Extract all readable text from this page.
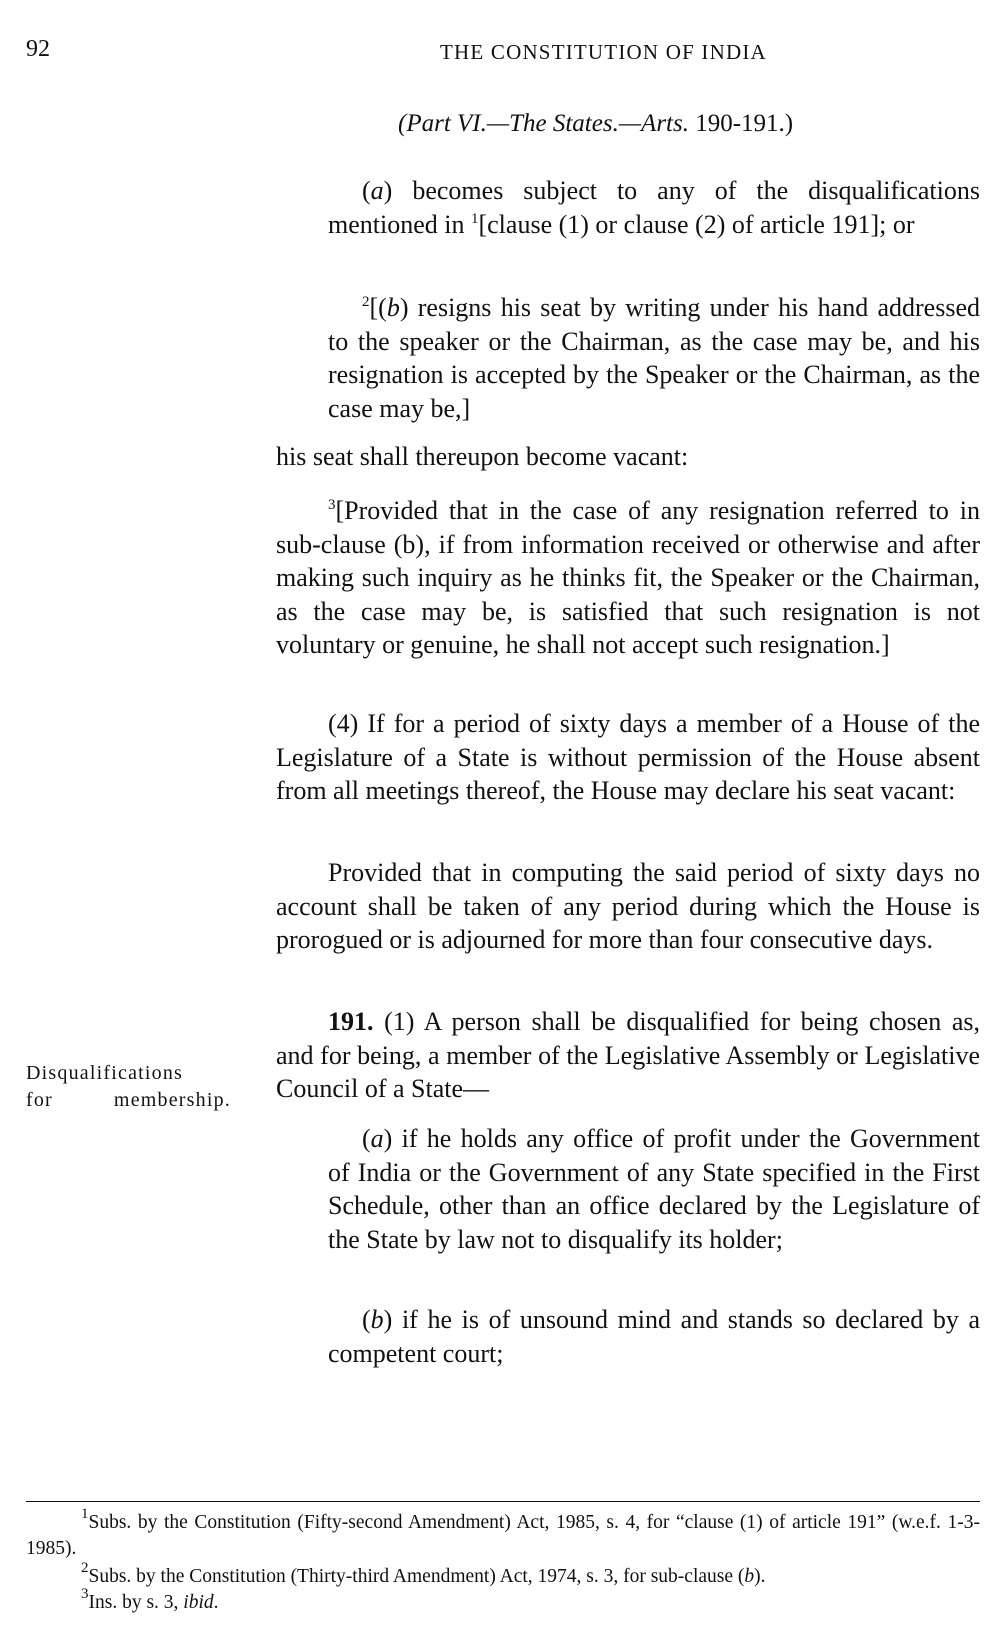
92	THE CONSTITUTION OF INDIA
(Part VI.—The States.—Arts. 190-191.)

(a) becomes subject to any of the disqualifications mentioned in $^1$[clause (1) or clause (2) of article 191]; or

$^2$[(b) resigns his seat by writing under his hand addressed to the speaker or the Chairman, as the case may be, and his resignation is accepted by the Speaker or the Chairman, as the case may be,]

his seat shall thereupon become vacant:

$^3$[Provided that in the case of any resignation referred to in sub-clause (b), if from information received or otherwise and after making such inquiry as he thinks fit, the Speaker or the Chairman, as the case may be, is satisfied that such resignation is not voluntary or genuine, he shall not accept such resignation.]

(4) If for a period of sixty days a member of a House of the Legislature of a State is without permission of the House absent from all meetings thereof, the House may declare his seat vacant:

Provided that in computing the said period of sixty days no account shall be taken of any period during which the House is prorogued or is adjourned for more than four consecutive days.

Disqualifications
for membership.

191. (1) A person shall be disqualified for being chosen as, and for being, a member of the Legislative Assembly or Legislative Council of a State—

(a) if he holds any office of profit under the Government of India or the Government of any State specified in the First Schedule, other than an office declared by the Legislature of the State by law not to disqualify its holder;

(b) if he is of unsound mind and stands so declared by a competent court;

$^1$Subs. by the Constitution (Fifty-second Amendment) Act, 1985, s. 4, for “clause (1) of article 191” (w.e.f. 1-3-1985).

$^2$Subs. by the Constitution (Thirty-third Amendment) Act, 1974, s. 3, for sub-clause (b).

$^3$Ins. by s. 3, ibid.
